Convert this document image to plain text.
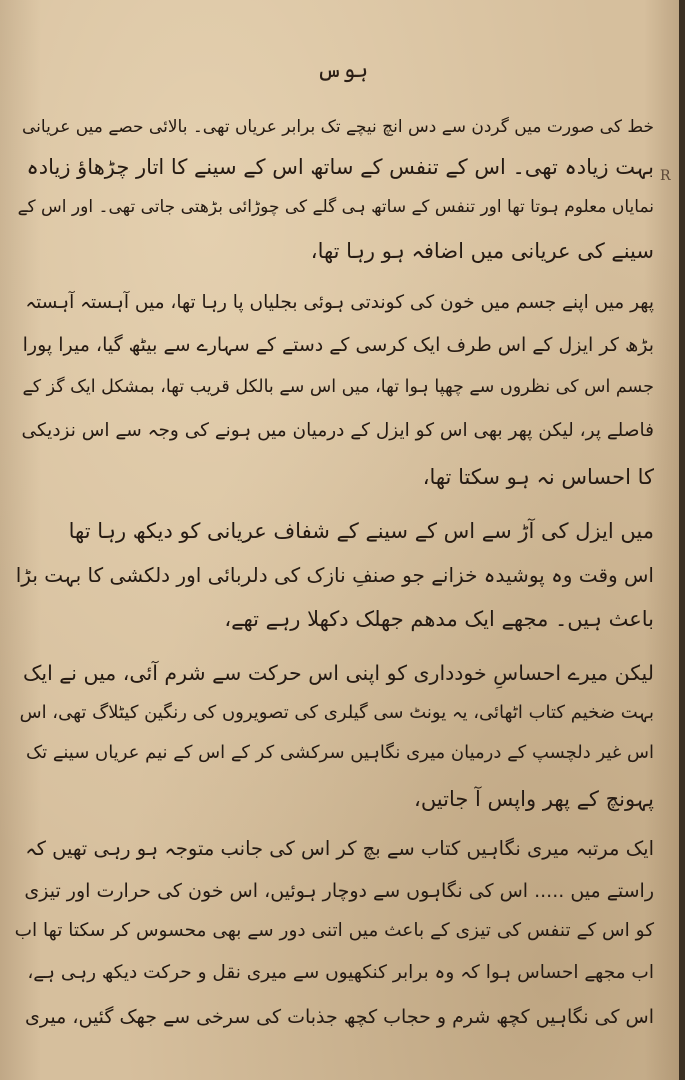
ہوس
R
خط کی صورت میں گردن سے دس انچ نیچے تک برابر عریاں تھی۔ بالائی حصے میں عریانی
بہت زیادہ تھی۔ اس کے تنفس کے ساتھ اس کے سینے کا اتار چڑھاؤ زیادہ
نمایاں معلوم ہوتا تھا اور تنفس کے ساتھ ہی گلے کی چوڑائی بڑھتی جاتی تھی۔ اور اس کے
سینے کی عریانی میں اضافہ ہو رہا تھا،
پھر میں اپنے جسم میں خون کی کوندتی ہوئی بجلیاں پا رہا تھا، میں آہستہ آہستہ
بڑھ کر ایزل کے اس طرف ایک کرسی کے دستے کے سہارے سے بیٹھ گیا، میرا پورا
جسم اس کی نظروں سے چھپا ہوا تھا، میں اس سے بالکل قریب تھا، بمشکل ایک گز کے
فاصلے پر، لیکن پھر بھی اس کو ایزل کے درمیان میں ہونے کی وجہ سے اس نزدیکی
کا احساس نہ ہو سکتا تھا،
میں ایزل کی آڑ سے اس کے سینے کے شفاف عریانی کو دیکھ رہا تھا
اس وقت وہ پوشیدہ خزانے جو صنفِ نازک کی دلربائی اور دلکشی کا بہت بڑا
باعث ہیں۔ مجھے ایک مدھم جھلک دکھلا رہے تھے،
لیکن میرے احساسِ خودداری کو اپنی اس حرکت سے شرم آئی، میں نے ایک
بہت ضخیم کتاب اٹھائی، یہ یونٹ سی گیلری کی تصویروں کی رنگین کیٹلاگ تھی، اس
اس غیر دلچسپ کے درمیان میری نگاہیں سرکشی کر کے اس کے نیم عریاں سینے تک
پہونچ کے پھر واپس آ جاتیں،
ایک مرتبہ میری نگاہیں کتاب سے بچ کر اس کی جانب متوجہ ہو رہی تھیں کہ
راستے میں ..... اس کی نگاہوں سے دوچار ہوئیں، اس خون کی حرارت اور تیزی
کو اس کے تنفس کی تیزی کے باعث میں اتنی دور سے بھی محسوس کر سکتا تھا اب
اب مجھے احساس ہوا کہ وہ برابر کنکھیوں سے میری نقل و حرکت دیکھ رہی ہے،
اس کی نگاہیں کچھ شرم و حجاب کچھ جذبات کی سرخی سے جھک گئیں، میری
